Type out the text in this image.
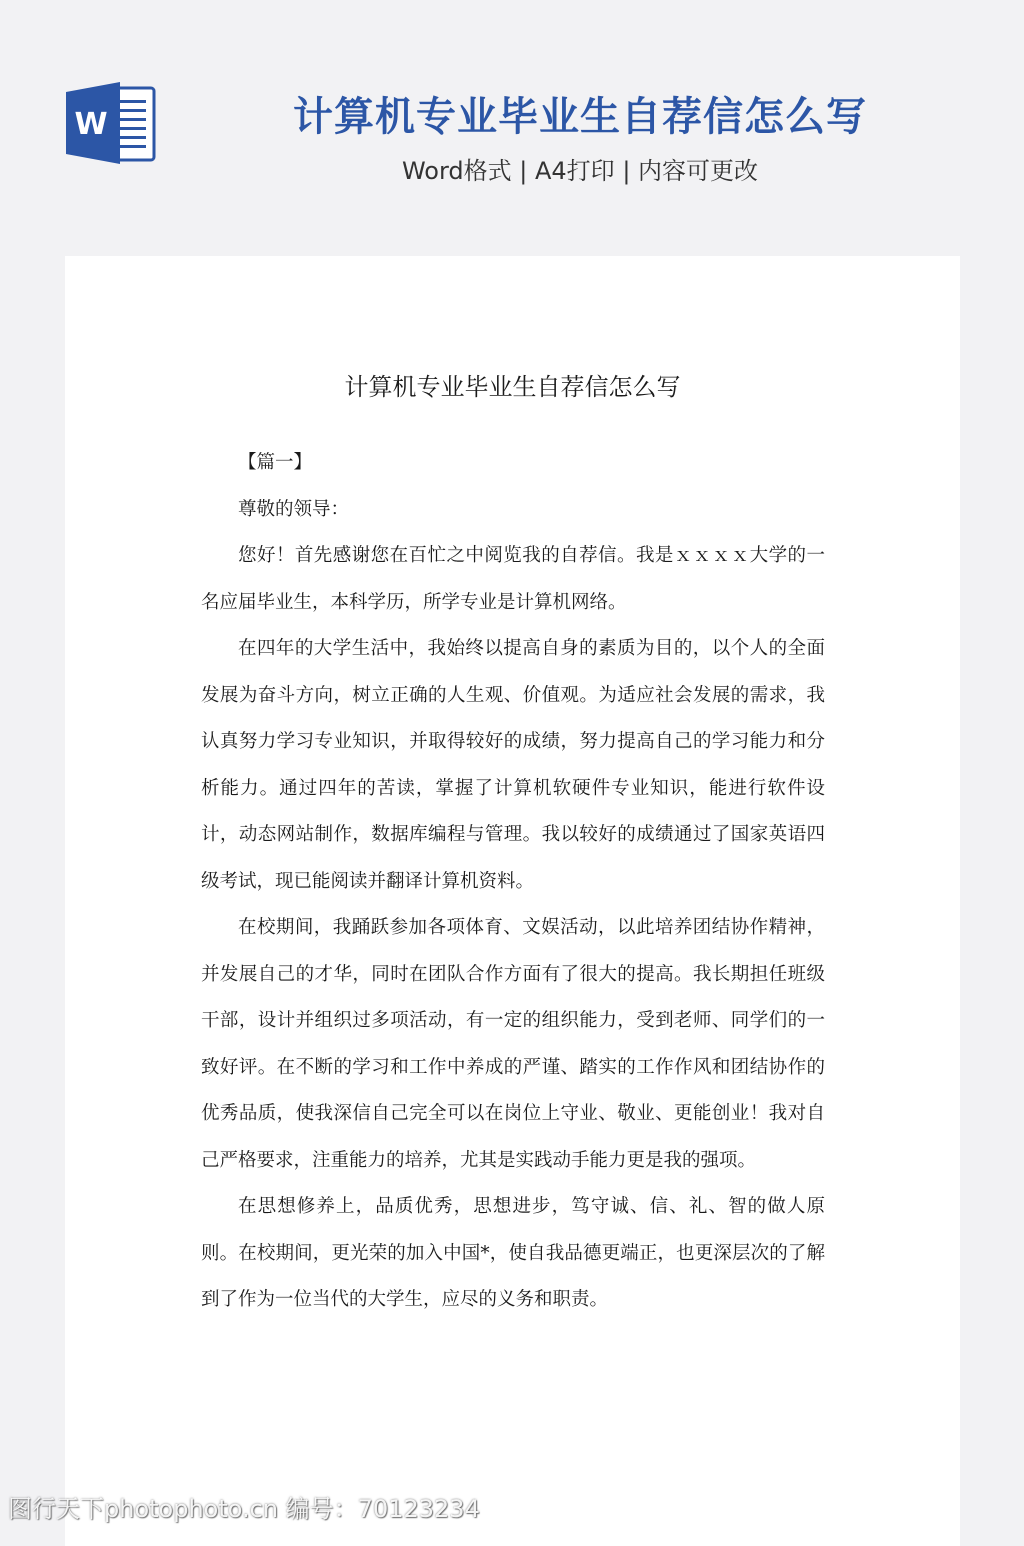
W	计算机专业毕业生自荐信怎么写
Word格式 | A4打印 | 内容可更改
计算机专业毕业生自荐信怎么写

【篇一】

尊敬的领导：

您好！首先感谢您在百忙之中阅览我的自荐信。我是ｘｘｘｘ大学的一名应届毕业生，本科学历，所学专业是计算机网络。

在四年的大学生活中，我始终以提高自身的素质为目的，以个人的全面发展为奋斗方向，树立正确的人生观、价值观。为适应社会发展的需求，我认真努力学习专业知识，并取得较好的成绩，努力提高自己的学习能力和分析能力。通过四年的苦读，掌握了计算机软硬件专业知识，能进行软件设计，动态网站制作，数据库编程与管理。我以较好的成绩通过了国家英语四级考试，现已能阅读并翻译计算机资料。

在校期间，我踊跃参加各项体育、文娱活动，以此培养团结协作精神，并发展自己的才华，同时在团队合作方面有了很大的提高。我长期担任班级干部，设计并组织过多项活动，有一定的组织能力，受到老师、同学们的一致好评。在不断的学习和工作中养成的严谨、踏实的工作作风和团结协作的优秀品质，使我深信自己完全可以在岗位上守业、敬业、更能创业！我对自己严格要求，注重能力的培养，尤其是实践动手能力更是我的强项。

在思想修养上，品质优秀，思想进步，笃守诚、信、礼、智的做人原则。在校期间，更光荣的加入中国*，使自我品德更端正，也更深层次的了解到了作为一位当代的大学生，应尽的义务和职责。

图行天下photophoto.cn 编号：70123234
